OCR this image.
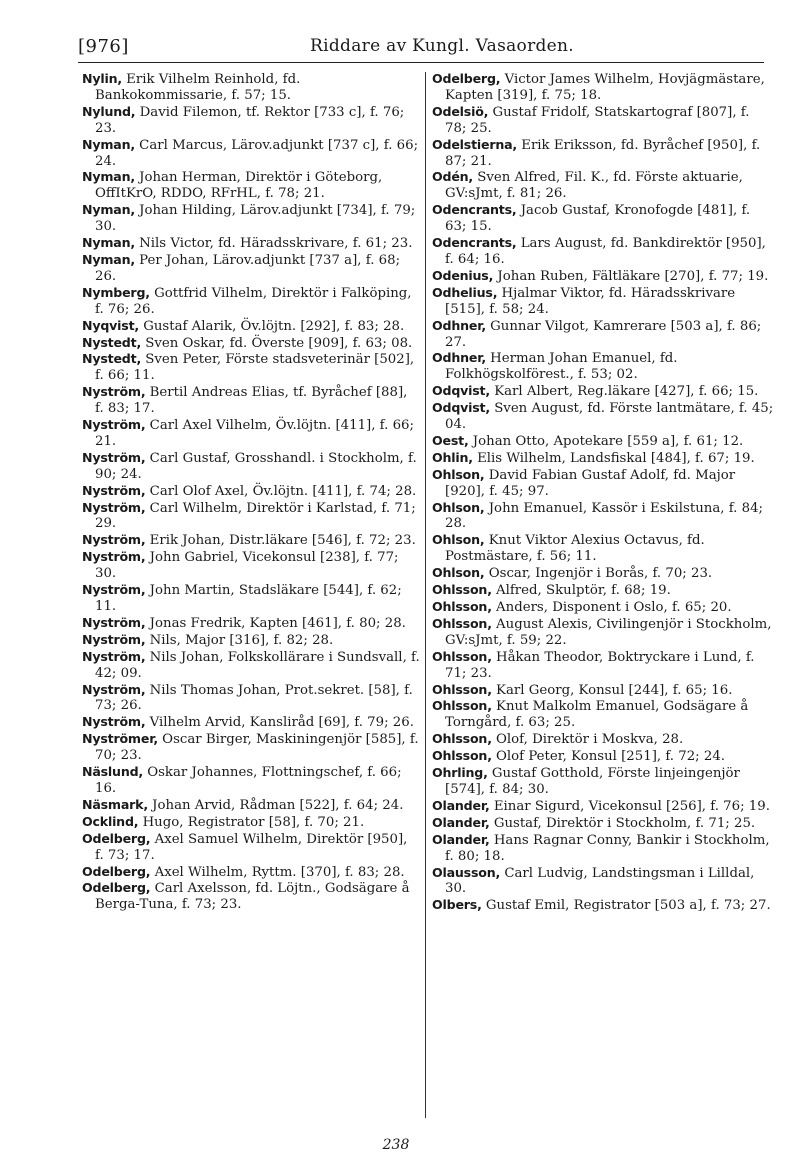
[976]	Riddare av Kungl. Vasaorden.

Nylin, Erik Vilhelm Reinhold, fd. Bankokommissarie, f. 57; 15.

Nylund, David Filemon, tf. Rektor [733 c], f. 76; 23.

Nyman, Carl Marcus, Lärov.adjunkt [737 c], f. 66; 24.

Nyman, Johan Herman, Direktör i Göteborg, OffItKrO, RDDO, RFrHL, f. 78; 21.

Nyman, Johan Hilding, Lärov.adjunkt [734], f. 79; 30.

Nyman, Nils Victor, fd. Häradsskrivare, f. 61; 23.

Nyman, Per Johan, Lärov.adjunkt [737 a], f. 68; 26.

Nymberg, Gottfrid Vilhelm, Direktör i Falköping, f. 76; 26.

Nyqvist, Gustaf Alarik, Öv.löjtn. [292], f. 83; 28.

Nystedt, Sven Oskar, fd. Överste [909], f. 63; 08.

Nystedt, Sven Peter, Förste stadsveterinär [502], f. 66; 11.

Nyström, Bertil Andreas Elias, tf. Byråchef [88], f. 83; 17.

Nyström, Carl Axel Vilhelm, Öv.löjtn. [411], f. 66; 21.

Nyström, Carl Gustaf, Grosshandl. i Stockholm, f. 90; 24.

Nyström, Carl Olof Axel, Öv.löjtn. [411], f. 74; 28.

Nyström, Carl Wilhelm, Direktör i Karlstad, f. 71; 29.

Nyström, Erik Johan, Distr.läkare [546], f. 72; 23.

Nyström, John Gabriel, Vicekonsul [238], f. 77; 30.

Nyström, John Martin, Stadsläkare [544], f. 62; 11.

Nyström, Jonas Fredrik, Kapten [461], f. 80; 28.

Nyström, Nils, Major [316], f. 82; 28.

Nyström, Nils Johan, Folkskollärare i Sundsvall, f. 42; 09.

Nyström, Nils Thomas Johan, Prot.sekret. [58], f. 73; 26.

Nyström, Vilhelm Arvid, Kanslіråd [69], f. 79; 26.

Nyströmer, Oscar Birger, Maskiningenjör [585], f. 70; 23.

Näslund, Oskar Johannes, Flottningschef, f. 66; 16.

Näsmark, Johan Arvid, Rådman [522], f. 64; 24.

Ocklind, Hugo, Registrator [58], f. 70; 21.

Odelberg, Axel Samuel Wilhelm, Direktör [950], f. 73; 17.

Odelberg, Axel Wilhelm, Ryttm. [370], f. 83; 28.

Odelberg, Carl Axelsson, fd. Löjtn., Godsägare å Berga-Tuna, f. 73; 23.

Odelberg, Victor James Wilhelm, Hovjägmästare, Kapten [319], f. 75; 18.

Odelsiö, Gustaf Fridolf, Statskartograf [807], f. 78; 25.

Odelstierna, Erik Eriksson, fd. Byråchef [950], f. 87; 21.

Odén, Sven Alfred, Fil. K., fd. Förste aktuarie, GV:sJmt, f. 81; 26.

Odencrants, Jacob Gustaf, Kronofogde [481], f. 63; 15.

Odencrants, Lars August, fd. Bankdirektör [950], f. 64; 16.

Odenius, Johan Ruben, Fältläkare [270], f. 77; 19.

Odhelius, Hjalmar Viktor, fd. Häradsskrivare [515], f. 58; 24.

Odhner, Gunnar Vilgot, Kamrerare [503 a], f. 86; 27.

Odhner, Herman Johan Emanuel, fd. Folkhögskolförest., f. 53; 02.

Odqvist, Karl Albert, Reg.läkare [427], f. 66; 15.

Odqvist, Sven August, fd. Förste lantmätare, f. 45; 04.

Oest, Johan Otto, Apotekare [559 a], f. 61; 12.

Ohlin, Elis Wilhelm, Landsfiskal [484], f. 67; 19.

Ohlson, David Fabian Gustaf Adolf, fd. Major [920], f. 45; 97.

Ohlson, John Emanuel, Kassör i Eskilstuna, f. 84; 28.

Ohlson, Knut Viktor Alexius Octavus, fd. Postmästare, f. 56; 11.

Ohlson, Oscar, Ingenjör i Borås, f. 70; 23.

Ohlsson, Alfred, Skulptör, f. 68; 19.

Ohlsson, Anders, Disponent i Oslo, f. 65; 20.

Ohlsson, August Alexis, Civilingenjör i Stockholm, GV:sJmt, f. 59; 22.

Ohlsson, Håkan Theodor, Boktryckare i Lund, f. 71; 23.

Ohlsson, Karl Georg, Konsul [244], f. 65; 16.

Ohlsson, Knut Malkolm Emanuel, Godsägare å Torngård, f. 63; 25.

Ohlsson, Olof, Direktör i Moskva, 28.

Ohlsson, Olof Peter, Konsul [251], f. 72; 24.

Ohrling, Gustaf Gotthold, Förste linjeingenjör [574], f. 84; 30.

Olander, Einar Sigurd, Vicekonsul [256], f. 76; 19.

Olander, Gustaf, Direktör i Stockholm, f. 71; 25.

Olander, Hans Ragnar Conny, Bankir i Stockholm, f. 80; 18.

Olausson, Carl Ludvig, Landstingsman i Lilldal, 30.

Olbers, Gustaf Emil, Registrator [503 a], f. 73; 27.

238
